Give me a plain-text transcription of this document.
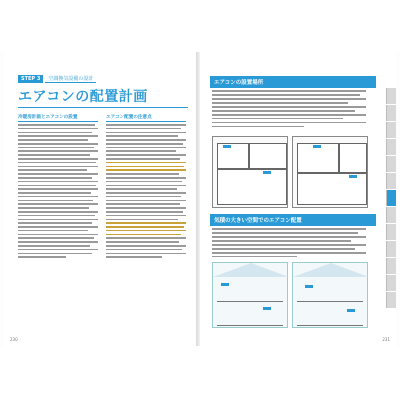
STEP 3	空調換気設備の設計
エアコンの配置計画
冷暖房計画とエアコンの設置	エアコン配置の注意点
230
エアコンの設置場所
気積の大きい空間でのエアコン配置
231
